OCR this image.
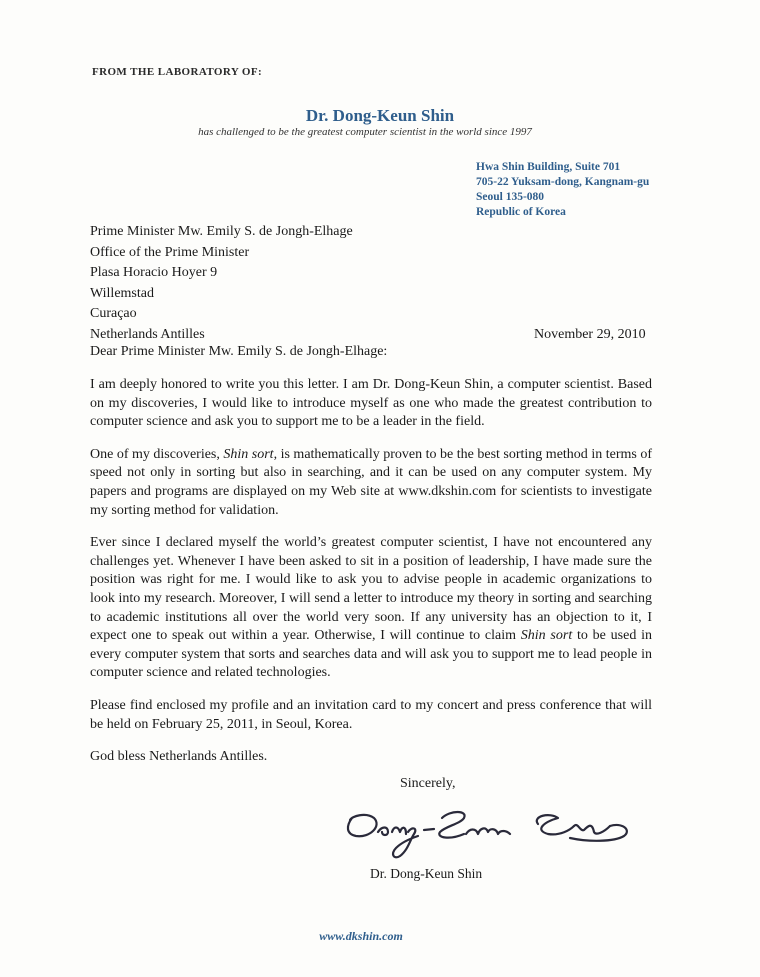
FROM THE LABORATORY OF:
Dr. Dong-Keun Shin
has challenged to be the greatest computer scientist in the world since 1997
Hwa Shin Building, Suite 701
705-22 Yuksam-dong, Kangnam-gu
Seoul 135-080
Republic of Korea
Prime Minister Mw. Emily S. de Jongh-Elhage
Office of the Prime Minister
Plasa Horacio Hoyer 9
Willemstad
Curaçao
Netherlands Antilles	November 29, 2010
Dear Prime Minister Mw. Emily S. de Jongh-Elhage:

I am deeply honored to write you this letter. I am Dr. Dong-Keun Shin, a computer scientist. Based on my discoveries, I would like to introduce myself as one who made the greatest contribution to computer science and ask you to support me to be a leader in the field.

One of my discoveries, Shin sort, is mathematically proven to be the best sorting method in terms of speed not only in sorting but also in searching, and it can be used on any computer system. My papers and programs are displayed on my Web site at www.dkshin.com for scientists to investigate my sorting method for validation.

Ever since I declared myself the world’s greatest computer scientist, I have not encountered any challenges yet. Whenever I have been asked to sit in a position of leadership, I have made sure the position was right for me. I would like to ask you to advise people in academic organizations to look into my research. Moreover, I will send a letter to introduce my theory in sorting and searching to academic institutions all over the world very soon. If any university has an objection to it, I expect one to speak out within a year. Otherwise, I will continue to claim Shin sort to be used in every computer system that sorts and searches data and will ask you to support me to lead people in computer science and related technologies.

Please find enclosed my profile and an invitation card to my concert and press conference that will be held on February 25, 2011, in Seoul, Korea.

God bless Netherlands Antilles.

Sincerely,
Dr. Dong-Keun Shin
www.dkshin.com
